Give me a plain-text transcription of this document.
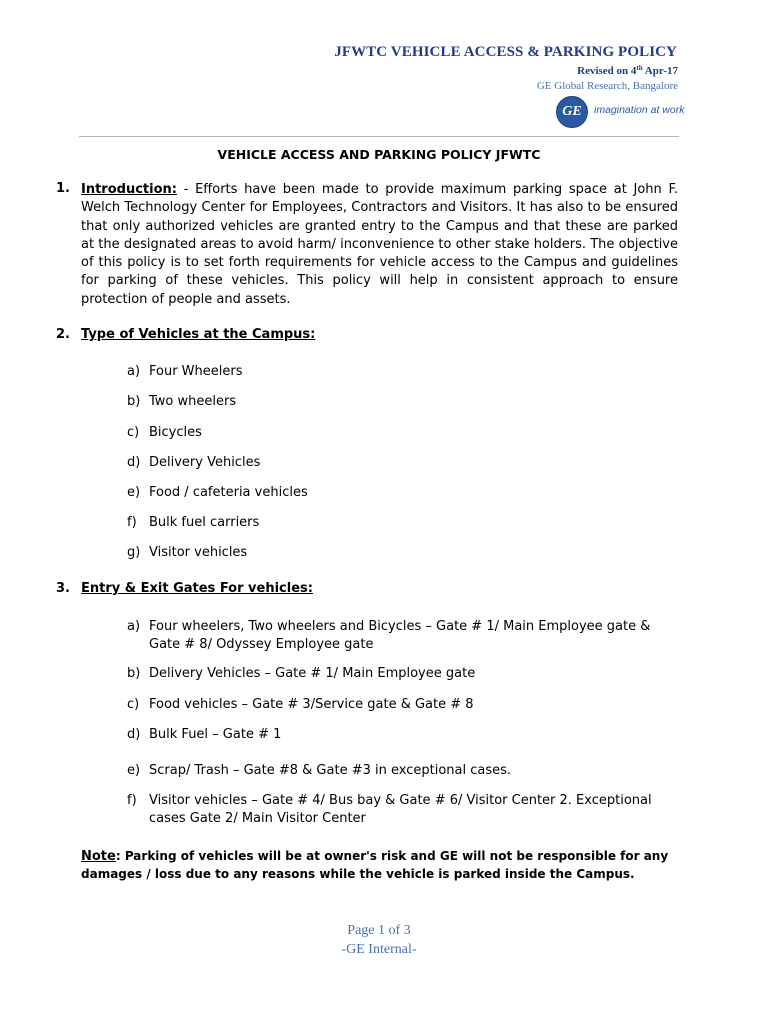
JFWTC VEHICLE ACCESS & PARKING POLICY
Revised on 4th Apr-17
GE Global Research, Bangalore
GE	imagination at work
VEHICLE ACCESS AND PARKING POLICY JFWTC
1. Introduction: - Efforts have been made to provide maximum parking space at John F. Welch Technology Center for Employees, Contractors and Visitors. It has also to be ensured that only authorized vehicles are granted entry to the Campus and that these are parked at the designated areas to avoid harm/ inconvenience to other stake holders. The objective of this policy is to set forth requirements for vehicle access to the Campus and guidelines for parking of these vehicles. This policy will help in consistent approach to ensure protection of people and assets.
2. Type of Vehicles at the Campus:
a) Four Wheelers
b) Two wheelers
c) Bicycles
d) Delivery Vehicles
e) Food / cafeteria vehicles
f) Bulk fuel carriers
g) Visitor vehicles
3. Entry & Exit Gates For vehicles:
a) Four wheelers, Two wheelers and Bicycles – Gate # 1/ Main Employee gate & Gate # 8/ Odyssey Employee gate
b) Delivery Vehicles – Gate # 1/ Main Employee gate
c) Food vehicles – Gate # 3/Service gate & Gate # 8
d) Bulk Fuel – Gate # 1
e) Scrap/ Trash – Gate #8 & Gate #3 in exceptional cases.
f) Visitor vehicles – Gate # 4/ Bus bay & Gate # 6/ Visitor Center 2. Exceptional cases Gate 2/ Main Visitor Center
Note: Parking of vehicles will be at owner's risk and GE will not be responsible for any damages / loss due to any reasons while the vehicle is parked inside the Campus.
Page 1 of 3
-GE Internal-
